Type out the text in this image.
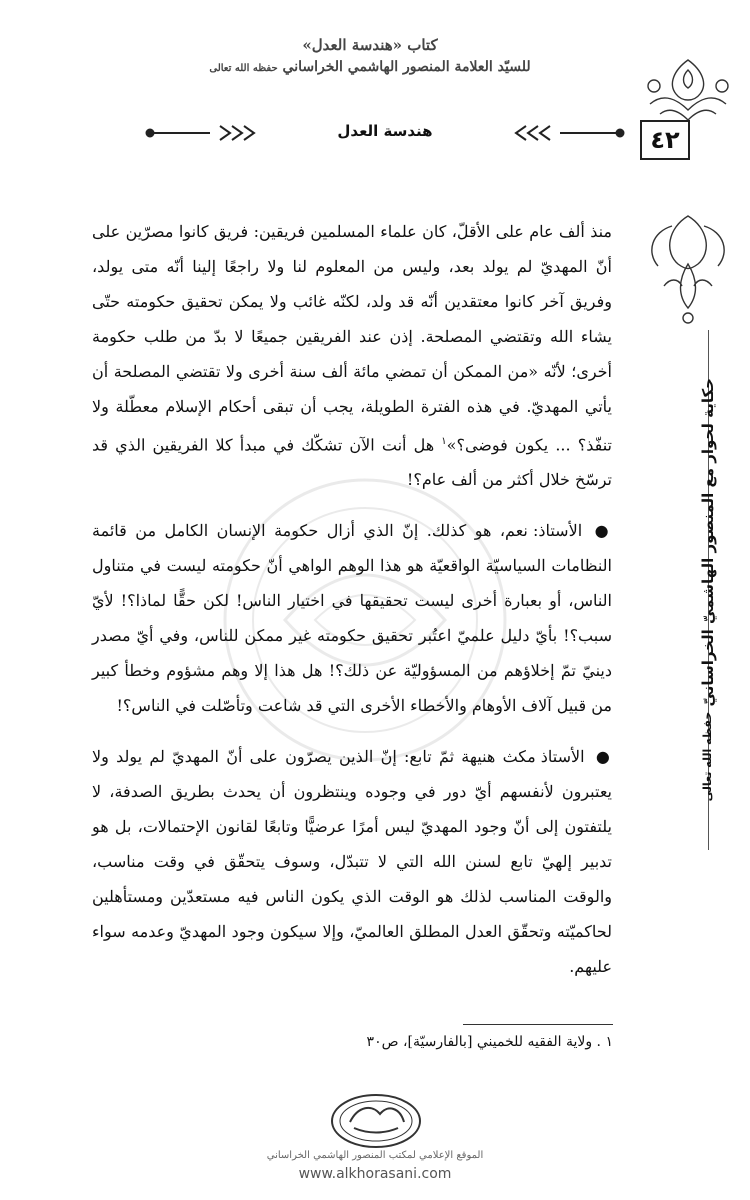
كتاب «هندسة العدل»
للسيّد العلامة المنصور الهاشمي الخراساني حفظه الله تعالى
هندسة العدل	٤٢
حكاية لحوار مع المنصور الهاشميّ الخراسانيّ حفظه الله تعالى

منذ ألف عام على الأقلّ، كان علماء المسلمين فريقين: فريق كانوا مصرّين على أنّ المهديّ لم يولد بعد، وليس من المعلوم لنا ولا راجعًا إلينا أنّه متى يولد، وفريق آخر كانوا معتقدين أنّه قد ولد، لكنّه غائب ولا يمكن تحقيق حكومته حتّى يشاء الله وتقتضي المصلحة. إذن عند الفريقين جميعًا لا بدّ من طلب حكومة أخرى؛ لأنّه «من الممكن أن تمضي مائة ألف سنة أخرى ولا تقتضي المصلحة أن يأتي المهديّ. في هذه الفترة الطويلة، يجب أن تبقى أحكام الإسلام معطّلة ولا تنفّذ؟ ... يكون فوضى؟»$^١$ هل أنت الآن تشكّك في مبدأ كلا الفريقين الذي قد ترسّخ خلال أكثر من ألف عام؟!

● الأستاذ: نعم، هو كذلك. إنّ الذي أزال حكومة الإنسان الكامل من قائمة النظامات السياسيّة الواقعيّة هو هذا الوهم الواهي أنّ حكومته ليست في متناول الناس، أو بعبارة أخرى ليست تحقيقها في اختيار الناس! لكن حقًّا لماذا؟! لأيّ سبب؟! بأيّ دليل علميّ اعتُبر تحقيق حكومته غير ممكن للناس، وفي أيّ مصدر دينيّ تمّ إخلاؤهم من المسؤوليّة عن ذلك؟! هل هذا إلا وهم مشؤوم وخطأ كبير من قبيل آلاف الأوهام والأخطاء الأخرى التي قد شاعت وتأصّلت في الناس؟!

● الأستاذ مكث هنيهة ثمّ تابع: إنّ الذين يصرّون على أنّ المهديّ لم يولد ولا يعتبرون لأنفسهم أيّ دور في وجوده وينتظرون أن يحدث بطريق الصدفة، لا يلتفتون إلى أنّ وجود المهديّ ليس أمرًا عرضيًّا وتابعًا لقانون الإحتمالات، بل هو تدبير إلهيّ تابع لسنن الله التي لا تتبدّل، وسوف يتحقّق في وقت مناسب، والوقت المناسب لذلك هو الوقت الذي يكون الناس فيه مستعدّين ومستأهلين لحاكميّته وتحقّق العدل المطلق العالميّ، وإلا سيكون وجود المهديّ وعدمه سواء عليهم.

١ . ولاية الفقيه للخميني [بالفارسيّة]، ص٣٠
الموقع الإعلامي لمكتب المنصور الهاشمي الخراساني
www.alkhorasani.com
